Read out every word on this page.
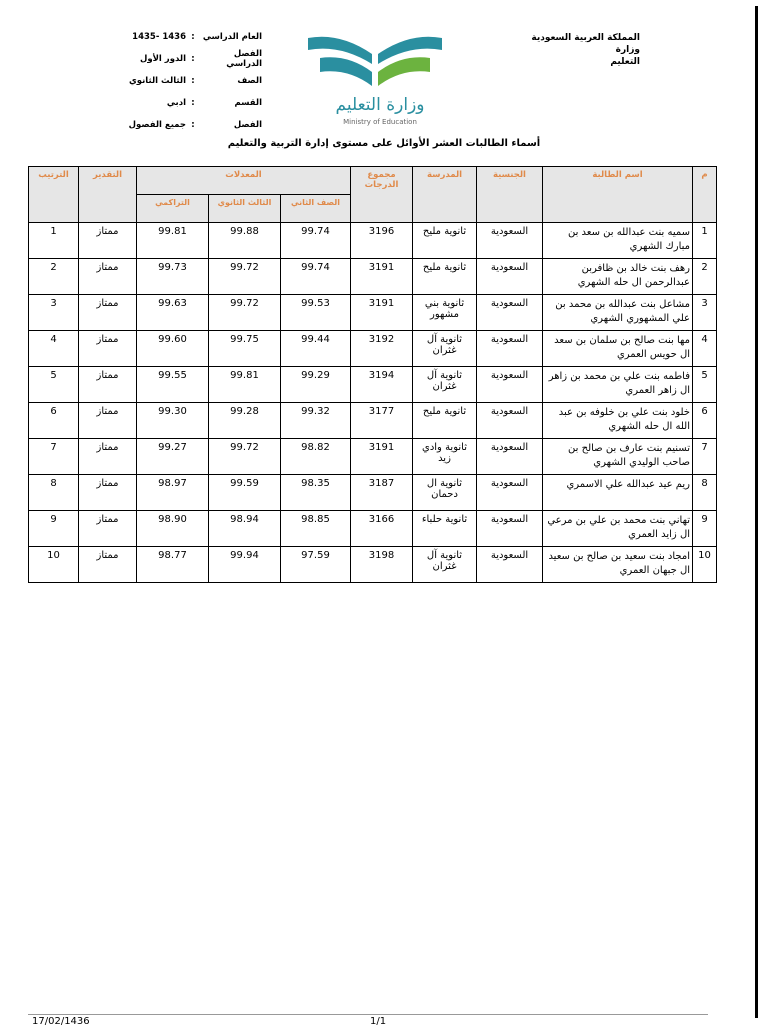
المملكة العربية السعودية وزارة
التعليم
وزارة التعليم
Ministry of Education
العام الدراسي
:
1436 -1435
الفصل الدراسي
:
الدور الأول
الصف
:
الثالث الثانوي
القسم
:
ادبي
الفصل
:
جميع الفصول
أسماء الطالبات العشر الأوائل على مستوى إدارة التربية والتعليم
م	اسم الطالبة	الجنسية	المدرسة	مجموع الدرجات	المعدلات			التقدير	الترتيب
					الصف الثاني	الثالث الثانوي	التراكمي		
1	سميه بنت عبدالله بن سعد بن مبارك الشهري	السعودية	ثانوية مليح	3196	99.74	99.88	99.81	ممتاز	1
2	رهف بنت خالد بن ظافربن عبدالرحمن ال حله الشهري	السعودية	ثانوية مليح	3191	99.74	99.72	99.73	ممتاز	2
3	مشاعل بنت عبدالله بن محمد بن علي المشهوري الشهري	السعودية	ثانوية بني مشهور	3191	99.53	99.72	99.63	ممتاز	3
4	مها بنت صالح بن سلمان بن سعد ال حويس العمري	السعودية	ثانوية آل غثران	3192	99.44	99.75	99.60	ممتاز	4
5	فاطمه بنت علي بن محمد بن زاهر ال زاهر العمري	السعودية	ثانوية آل غثران	3194	99.29	99.81	99.55	ممتاز	5
6	خلود بنت علي بن خلوفه بن عبد الله ال حله الشهري	السعودية	ثانوية مليح	3177	99.32	99.28	99.30	ممتاز	6
7	تسنيم بنت عارف بن صالح بن صاحب الوليدي الشهري	السعودية	ثانوية وادي زيد	3191	98.82	99.72	99.27	ممتاز	7
8	ريم عيد عبدالله علي الاسمري	السعودية	ثانوية ال دحمان	3187	98.35	99.59	98.97	ممتاز	8
9	تهاني بنت محمد بن علي بن مرعي ال زايد العمري	السعودية	ثانوية حلباء	3166	98.85	98.94	98.90	ممتاز	9
10	امجاد بنت سعيد بن صالح بن سعيد ال جبهان العمري	السعودية	ثانوية آل غثران	3198	97.59	99.94	98.77	ممتاز	10
17/02/1436	1/1
